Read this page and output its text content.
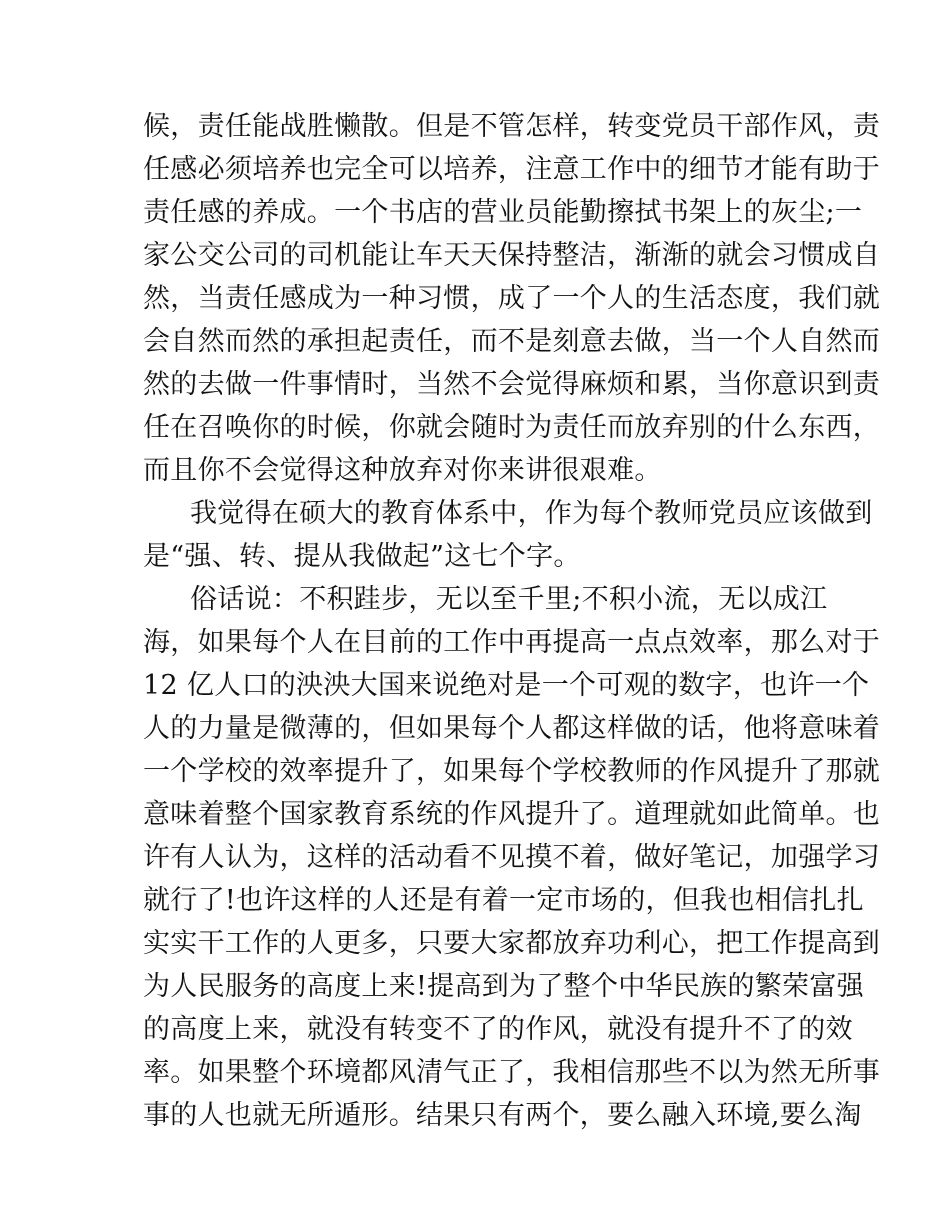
候，责任能战胜懒散。但是不管怎样，转变党员干部作风，责
任感必须培养也完全可以培养，注意工作中的细节才能有助于
责任感的养成。一个书店的营业员能勤擦拭书架上的灰尘;一
家公交公司的司机能让车天天保持整洁，渐渐的就会习惯成自
然，当责任感成为一种习惯，成了一个人的生活态度，我们就
会自然而然的承担起责任，而不是刻意去做，当一个人自然而
然的去做一件事情时，当然不会觉得麻烦和累，当你意识到责
任在召唤你的时候，你就会随时为责任而放弃别的什么东西，
而且你不会觉得这种放弃对你来讲很艰难。
我觉得在硕大的教育体系中，作为每个教师党员应该做到
是“强、转、提从我做起”这七个字。
俗话说：不积跬步，无以至千里;不积小流，无以成江
海，如果每个人在目前的工作中再提高一点点效率，那么对于
12 亿人口的泱泱大国来说绝对是一个可观的数字，也许一个
人的力量是微薄的，但如果每个人都这样做的话，他将意味着
一个学校的效率提升了，如果每个学校教师的作风提升了那就
意味着整个国家教育系统的作风提升了。道理就如此简单。也
许有人认为，这样的活动看不见摸不着，做好笔记，加强学习
就行了!也许这样的人还是有着一定市场的，但我也相信扎扎
实实干工作的人更多，只要大家都放弃功利心，把工作提高到
为人民服务的高度上来!提高到为了整个中华民族的繁荣富强
的高度上来，就没有转变不了的作风，就没有提升不了的效
率。如果整个环境都风清气正了，我相信那些不以为然无所事
事的人也就无所遁形。结果只有两个，要么融入环境,要么淘
